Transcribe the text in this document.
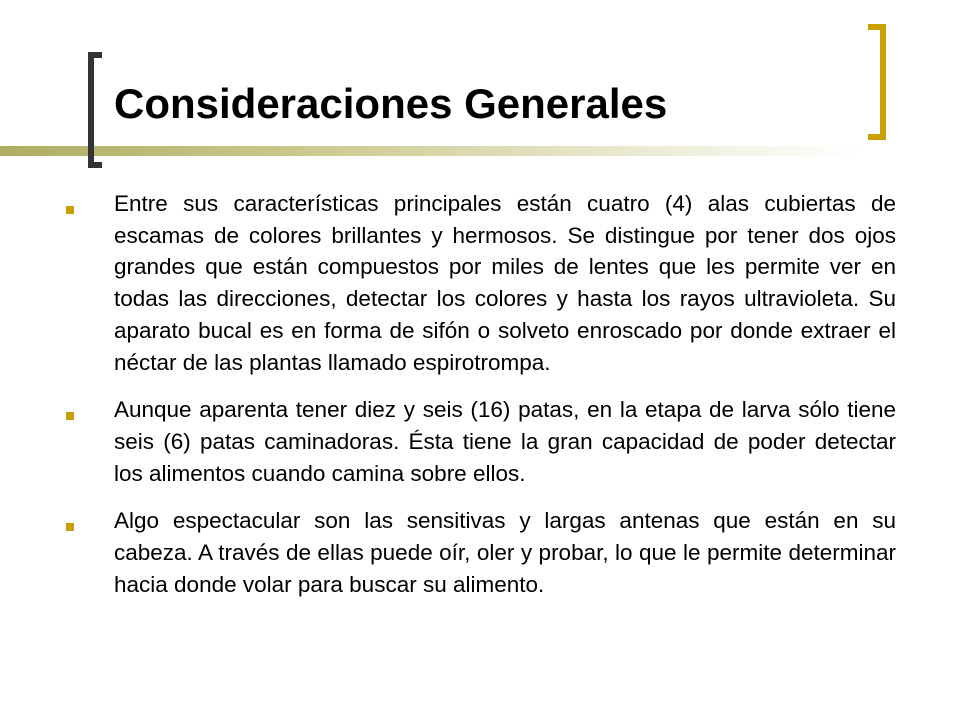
Consideraciones Generales
Entre sus características principales están cuatro (4) alas cubiertas de escamas de colores brillantes y hermosos. Se distingue por tener dos ojos grandes que están compuestos por miles de lentes que les permite ver en todas las direcciones, detectar los colores y hasta los rayos ultravioleta. Su aparato bucal es en forma de sifón o solveto enroscado por donde extraer el néctar de las plantas llamado espirotrompa.
Aunque aparenta tener diez y seis (16) patas, en la etapa de larva sólo tiene seis (6) patas caminadoras. Ésta tiene la gran capacidad de poder detectar los alimentos cuando camina sobre ellos.
Algo espectacular son las sensitivas y largas antenas que están en su cabeza. A través de ellas puede oír, oler y probar, lo que le permite determinar hacia donde volar para buscar su alimento.
